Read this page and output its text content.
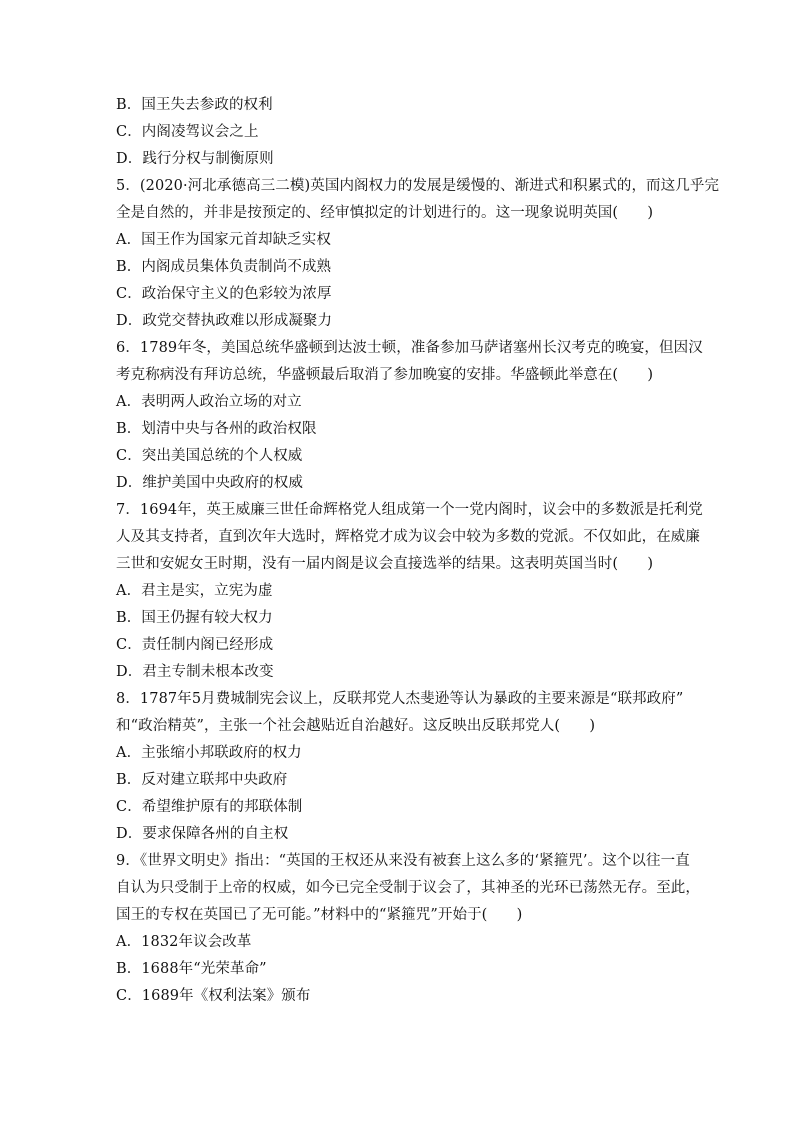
B．国王失去参政的权利
C．内阁凌驾议会之上
D．践行分权与制衡原则
5．(2020·河北承德高三二模)英国内阁权力的发展是缓慢的、渐进式和积累式的，而这几乎完
全是自然的，并非是按预定的、经审慎拟定的计划进行的。这一现象说明英国(　　)
A．国王作为国家元首却缺乏实权
B．内阁成员集体负责制尚不成熟
C．政治保守主义的色彩较为浓厚
D．政党交替执政难以形成凝聚力
6．1789年冬，美国总统华盛顿到达波士顿，准备参加马萨诸塞州长汉考克的晚宴，但因汉
考克称病没有拜访总统，华盛顿最后取消了参加晚宴的安排。华盛顿此举意在(　　)
A．表明两人政治立场的对立
B．划清中央与各州的政治权限
C．突出美国总统的个人权威
D．维护美国中央政府的权威
7．1694年，英王威廉三世任命辉格党人组成第一个一党内阁时，议会中的多数派是托利党
人及其支持者，直到次年大选时，辉格党才成为议会中较为多数的党派。不仅如此，在威廉
三世和安妮女王时期，没有一届内阁是议会直接选举的结果。这表明英国当时(　　)
A．君主是实，立宪为虚
B．国王仍握有较大权力
C．责任制内阁已经形成
D．君主专制未根本改变
8．1787年5月费城制宪会议上，反联邦党人杰斐逊等认为暴政的主要来源是“联邦政府”
和“政治精英”，主张一个社会越贴近自治越好。这反映出反联邦党人(　　)
A．主张缩小邦联政府的权力
B．反对建立联邦中央政府
C．希望维护原有的邦联体制
D．要求保障各州的自主权
9．《世界文明史》指出：“英国的王权还从来没有被套上这么多的‘紧箍咒’。这个以往一直
自认为只受制于上帝的权威，如今已完全受制于议会了，其神圣的光环已荡然无存。至此，
国王的专权在英国已了无可能。”材料中的“紧箍咒”开始于(　　)
A．1832年议会改革
B．1688年“光荣革命”
C．1689年《权利法案》颁布
